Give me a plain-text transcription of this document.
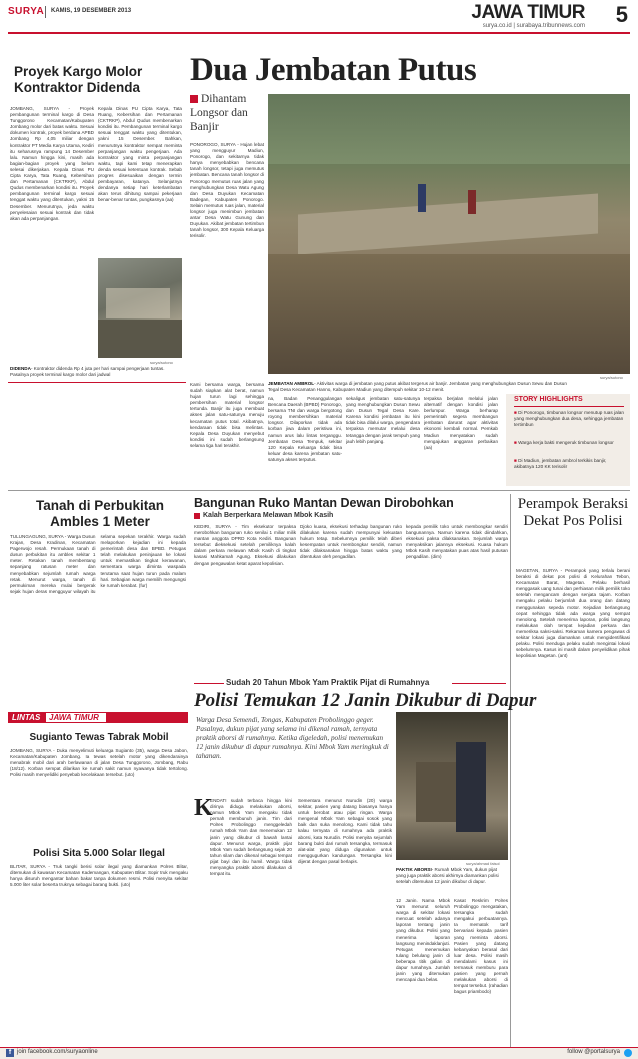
SURYA KAMIS, 19 DESEMBER 2013	JAWA TIMUR
surya.co.id | surabaya.tribunnews.com 5
Proyek Kargo Molor Kontraktor Didenda
JOMBANG, SURYA - Proyek pembangunan terminal kargo di Desa Tunggorono Kecamatan/Kabupaten Jombang molor dari batas waktu. Sesuai dokumen kontrak, proyek berdana APBD Jombang Rp 4,05 miliar dengan kontraktor PT Media Karya Utama, Kediri itu seharusnya rampung 14 Desember lalu. Namun hingga kini, masih ada bagian-bagian proyek yang belum selesai dikerjakan. Kepala Dinas PU Cipta Karya, Tata Ruang, Kebersihan dan Pertamanan (CKTRKP), Abdul Qudus membenarkan kondisi itu. Proyek pembangunan terminal kargo sesuai tenggat waktu yang ditentukan, yakni 15 Desember. Menurutnya, jeda waktu penyelesaian sesuai kontrak dan tidak akan ada perpanjangan.
Kepala Dinas PU Cipta Karya, Tata Ruang, Kebersihan dan Pertamanan (CKTRKP), Abdul Qudus membenarkan kondisi itu. Pembangunan terminal kargo sesuai tenggat waktu yang ditentukan, yakni 15 Desember. Bahkan, menurutnya kontraktor sempat meminta perpanjangan waktu pengerjaan. Ada kontraktor yang minta perpanjangan waktu, tapi kami tetap menerapkan denda sesuai ketentuan kontrak. Sebab progres disesuaikan dengan termin pembayaran, katanya. Selanjutnya dendanya setiap hari keterlambatan akan terus dihitung sampai pekerjaan benar-benar tuntas, pungkasnya (aa)
surya/sutono
DIDENDA- Kontraktor didenda Rp 4 juta per hari sampai pengerjaan tuntas. Pasalnya proyek terminal kargo molor dari jadwal
Dua Jembatan Putus
Dihantam Longsor dan Banjir
PONOROGO, SURYA - Hujan lebat yang mengguyur Madiun, Ponorogo, dan sekitarnya tidak hanya menyebabkan bencana tanah longsor, tetapi juga memutus jembatan. Bencana tanah longsor di Ponorogo memutus ruas jalan yang menghubungkan Desa Watu Agung dan Desa Duyukan Kecamatan Badegan, Kabupaten Ponorogo. Selain memutus ruas jalan, material longsor juga menimbun jembatan antar Desa Watu Gunung dan Duyukan. Akibat jembatan tertimbun tanah longsor, 300 Kepala Keluarga terisolir.
surya/sutono
JEMBATAN AMBROL- Aktivitas warga di jembatan yang putus akibat tergerus air banjir. Jembatan yang menghubungkan Dusun Sewu dan Dusun Tegal Desa Kecamatan Hanno, Kabupaten Madiun yang ditempuh sekitar 10-12 menit.
Kami bersama warga, bersama sudah siapkan alat berat, namun hujan turun lagi sehingga pembersihan material longsor tertunda. Banjir itu juga membuat akses jalan satu-satunya menuju kecamatan putus total. Akibatnya, kendaraan tidak bisa melintas. Kepala Desa Duyukan menyebut kondisi ini sudah berlangsung selama tiga hari terakhir.
na, Badan Penanggulangan Bencana Daerah (BPBD) Ponorogo, bersama TNI dan warga bergotong royong membersihkan material longsor. Dilaporkan tidak ada korban jiwa dalam peristiwa ini, namun arus lalu lintas terganggu. Jembatan Desa Tempuk, sekitar 120 Kepala Keluarga tidak bisa keluar desa karena jembatan satu-satunya akses terputus.
sekaligus jembatan satu-satunya yang menghubungkan Dusun Sewu dan Dusun Tegal Desa Kare. Karena kondisi jembatan itu kini tidak bisa dilalui warga, pengendara terpaksa memutar melalui desa tetangga dengan jarak tempuh yang jauh lebih panjang.
terpaksa berjalan melalui jalan alternatif dengan kondisi jalan berlumpur. Warga berharap pemerintah segera membangun jembatan darurat agar aktivitas ekonomi kembali normal. Pemkab Madiun menyatakan sudah mengajukan anggaran perbaikan (aa)
STORY HIGHLIGHTS
■ Di Ponorogo, timbunan longsor menutup ruas jalan yang menghubungkan dua desa, sehingga jembatan tertimbun
■ Warga kerja bakti mengeruk timbunan longsor
■ Di Madiun, jembatan ambrol terkikis banjir, akibatnya 120 KK terisolir
Tanah di Perbukitan Ambles 1 Meter
TULUNGAGUNG, SURYA - Warga Dusun Krajan, Desa Kradinan, Kecamatan Pagerwojo resah. Permukaan tanah di dusun perbukitan itu ambles sekitar 1 meter. Retakan tanah membentang sepanjang ratusan meter dan menyebabkan sejumlah rumah warga retak. Menurut warga, tanah di permukiman mereka mulai bergerak sejak hujan deras mengguyur wilayah itu selama sepekan terakhir. Warga sudah melaporkan kejadian ini kepada pemerintah desa dan BPBD. Petugas telah melakukan peninjauan ke lokasi untuk memastikan tingkat kerawanan, sementara warga diminta waspada terutama saat hujan turun pada malam hari. Sebagian warga memilih mengungsi ke rumah kerabat. (fur)
LINTAS JAWA TIMUR
Sugianto Tewas Tabrak Mobil
JOMBANG, SURYA - Duka menyelimuti keluarga Sugianto (35), warga Desa Jabon, Kecamatan/Kabupaten Jombang. Ia tewas setelah motor yang dikendarainya menabrak mobil dari arah berlawanan di jalan Desa Tunggorono, Jombang, Rabu (18/12). Korban sempat dilarikan ke rumah sakit namun nyawanya tidak tertolong. Polisi masih menyelidiki penyebab kecelakaan tersebut. (uto)
Polisi Sita 5.000 Solar Ilegal
BLITAR, SURYA - Truk tangki berisi solar ilegal yang diamankan Polres Blitar, ditemukan di kawasan Kecamatan Kademangan, Kabupaten Blitar. Sopir truk mengaku hanya disuruh mengantar bahan bakar tanpa dokumen resmi. Polisi menyita sekitar 5.000 liter solar beserta truknya sebagai barang bukti. (uto)
Bangunan Ruko Mantan Dewan Dirobohkan
Kalah Berperkara Melawan Mbok Kasih
KEDIRI, SURYA - Tim eksekutor terpaksa merobohkan bangunan ruko senilai 1 miliar milik mantan anggota DPRD Kota Kediri. Bangunan tersebut dieksekusi setelah pemiliknya kalah dalam perkara melawan Mbok Kasih di tingkat kasasi Mahkamah Agung. Eksekusi dilakukan dengan pengawalan ketat aparat kepolisian.
Djoko kuasa, eksekusi terhadap bangunan ruko dilakukan karena sudah mempunyai kekuatan hukum tetap. Sebelumnya pemilik telah diberi kesempatan untuk membongkar sendiri, namun tidak dilaksanakan hingga batas waktu yang ditentukan oleh pengadilan.
kepada pemilik toko untuk membongkar sendiri bangunannya. Namun karena tidak diindahkan, eksekusi paksa dilaksanakan. Sejumlah warga menyaksikan jalannya eksekusi. Kuasa hukum Mbok Kasih menyatakan puas atas hasil putusan pengadilan. (dim)
Perampok Beraksi Dekat Pos Polisi
MAGETAN, SURYA - Perampok yang terlalu berani beraksi di dekat pos polisi di Kelurahan Tebon, Kecamatan Barat, Magetan. Pelaku berhasil menggasak uang tunai dan perhiasan milik pemilik toko setelah mengancam dengan senjata tajam. Korban mengaku pelaku berjumlah dua orang dan datang menggunakan sepeda motor. Kejadian berlangsung cepat sehingga tidak ada warga yang sempat menolong. Setelah menerima laporan, polisi langsung melakukan olah tempat kejadian perkara dan memeriksa saksi-saksi. Rekaman kamera pengawas di sekitar lokasi juga diamankan untuk mengidentifikasi pelaku. Polisi menduga pelaku sudah mengintai lokasi sebelumnya. Kasus ini masih dalam penyelidikan pihak kepolisian Magetan. (ant)
Sudah 20 Tahun Mbok Yam Praktik Pijat di Rumahnya
Polisi Temukan 12 Janin Dikubur di Dapur
Warga Desa Semendi, Tongas, Kabupaten Probolinggo geger. Pasalnya, dukun pijat yang selama ini dikenal ramah, ternyata praktik aborsi di rumahnya. Ketika digeledah, polisi menemukan 12 janin dikubur di dapur rumahnya. Kini Mbok Yam meringkuk di tahanan.
surya/ahmad faisol
PAKTIK ABORSI- Rumah Mbok Yam, dukun pijat yang juga praktik aborsi akhirnya diamankan polisi setelah ditemukan 12 janin dikubur di dapur.
K
ENDATI sudah terbaca hingga kini dirinya diduga melakukan aborsi, namun Mbok Yam mengaku tidak pernah membunuh janin. Tim dari Polres Probolinggo menggeledah rumah Mbok Yam dan menemukan 12 janin yang dikubur di bawah lantai dapur. Menurut warga, praktik pijat Mbok Yam sudah berlangsung sejak 20 tahun silam dan dikenal sebagai tempat pijat bayi dan ibu hamil. Warga tidak menyangka praktik aborsi dilakukan di tempat itu.
Sementara menurut Nurudin (20) warga sekitar, pasien yang datang biasanya hanya untuk berobat atau pijat ringan. Warga mengenal Mbok Yam sebagai sosok yang baik dan suka menolong. Kami tidak tahu kalau ternyata di rumahnya ada praktik aborsi, kata Nurudin. Polisi menyita sejumlah barang bukti dari rumah tersangka, termasuk alat-alat yang diduga digunakan untuk menggugurkan kandungan. Tersangka kini dijerat dengan pasal berlapis.
12 Janin. Nama Mbok Yam menurut seluruh warga di sekitar lokasi mencuat setelah adanya laporan tentang janin yang dikubur. Polisi yang menerima laporan langsung menindaklanjuti. Petugas menemukan tulang belulang janin di beberapa titik galian di dapur rumahnya. Jumlah janin yang ditemukan mencapai dua belas.
Kasat Reskrim Polres Probolinggo mengatakan, tersangka sudah mengakui perbuatannya. Ia mematok tarif bervariasi kepada pasien yang meminta aborsi. Pasien yang datang kebanyakan berasal dari luar desa. Polisi masih mendalami kasus ini termasuk memburu para pasien yang pernah melakukan aborsi di tempat tersebut. (rahadian bagus priambodo)
f join facebook.com/suryaonline	follow @portalsurya
